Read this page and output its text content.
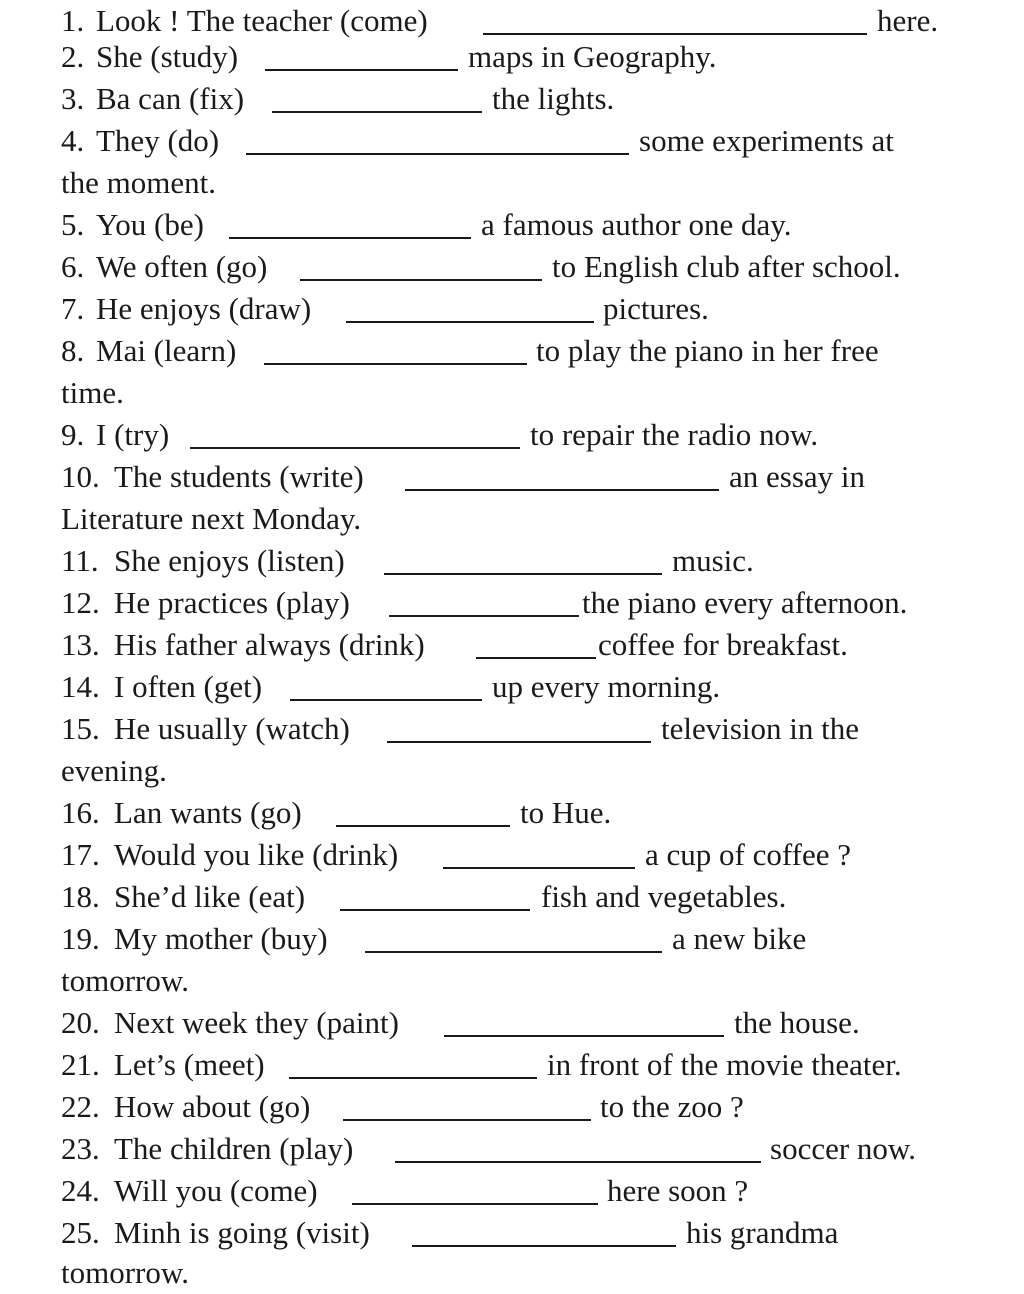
1. Look ! The teacher (come)	here.
2. She (study)	maps in Geography.
3. Ba can (fix)	the lights.
4. They (do)	some experiments at
the moment.
5. You (be)	a famous author one day.
6. We often (go)	to English club after school.
7. He enjoys (draw)	pictures.
8. Mai (learn)	to play the piano in her free
time.
9. I (try)	to repair the radio now.
10. The students (write)	an essay in
Literature next Monday.
11. She enjoys (listen)	music.
12. He practices (play)	the piano every afternoon.
13. His father always (drink)	coffee for breakfast.
14. I often (get)	up every morning.
15. He usually (watch)	television in the
evening.
16. Lan wants (go)	to Hue.
17. Would you like (drink)	a cup of coffee ?
18. She’d like (eat)	fish and vegetables.
19. My mother (buy)	a new bike
tomorrow.
20. Next week they (paint)	the house.
21. Let’s (meet)	in front of the movie theater.
22. How about (go)	to the zoo ?
23. The children (play)	soccer now.
24. Will you (come)	here soon ?
25. Minh is going (visit)	his grandma
tomorrow.
